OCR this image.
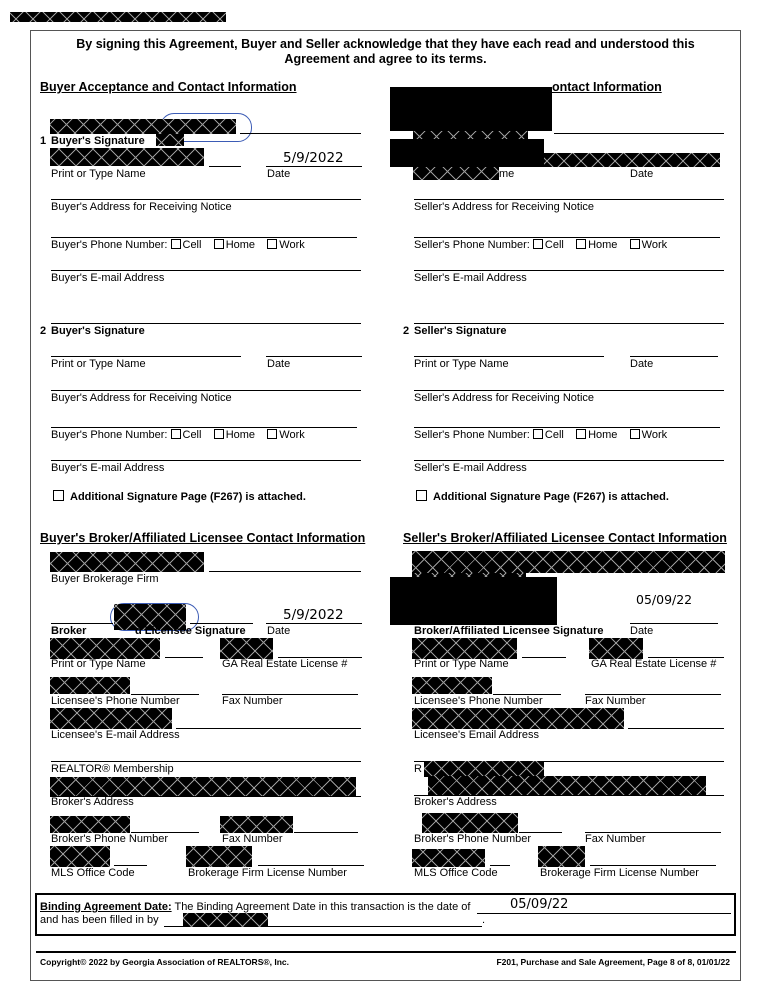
By signing this Agreement, Buyer and Seller acknowledge that they have each read and understood this
Agreement and agree to its terms.
Buyer Acceptance and Contact Information
1 Buyer's Signature
5/9/2022
Print or Type Name	Date
Buyer's Address for Receiving Notice
Buyer's Phone Number: Cell Home Work
Buyer's E-mail Address
2 Buyer's Signature
Print or Type Name	Date
Buyer's Address for Receiving Notice
Buyer's Phone Number: Cell Home Work
Buyer's E-mail Address
Additional Signature Page (F267) is attached.
ontact Information
me	Date
Seller's Address for Receiving Notice
Seller's Phone Number: Cell Home Work
Seller's E-mail Address
2 Seller's Signature
Print or Type Name	Date
Seller's Address for Receiving Notice
Seller's Phone Number: Cell Home Work
Seller's E-mail Address
Additional Signature Page (F267) is attached.
Buyer's Broker/Affiliated Licensee Contact Information
Buyer Brokerage Firm
5/9/2022
Broker	d Licensee Signature Date
Print or Type Name	GA Real Estate License #
Licensee's Phone Number	Fax Number
Licensee's E-mail Address
REALTOR® Membership
Broker's Address
Broker's Phone Number	Fax Number
MLS Office Code	Brokerage Firm License Number
Seller's Broker/Affiliated Licensee Contact Information
05/09/22
Broker/Affiliated Licensee Signature Date
Print or Type Name	GA Real Estate License #
Licensee's Phone Number	Fax Number
Licensee's Email Address
R
Broker's Address
Broker's Phone Number	Fax Number
MLS Office Code	Brokerage Firm License Number
Binding Agreement Date: The Binding Agreement Date in this transaction is the date of	05/09/22
and has been filled in by	.
Copyright© 2022 by Georgia Association of REALTORS®, Inc.	F201, Purchase and Sale Agreement, Page 8 of 8, 01/01/22
